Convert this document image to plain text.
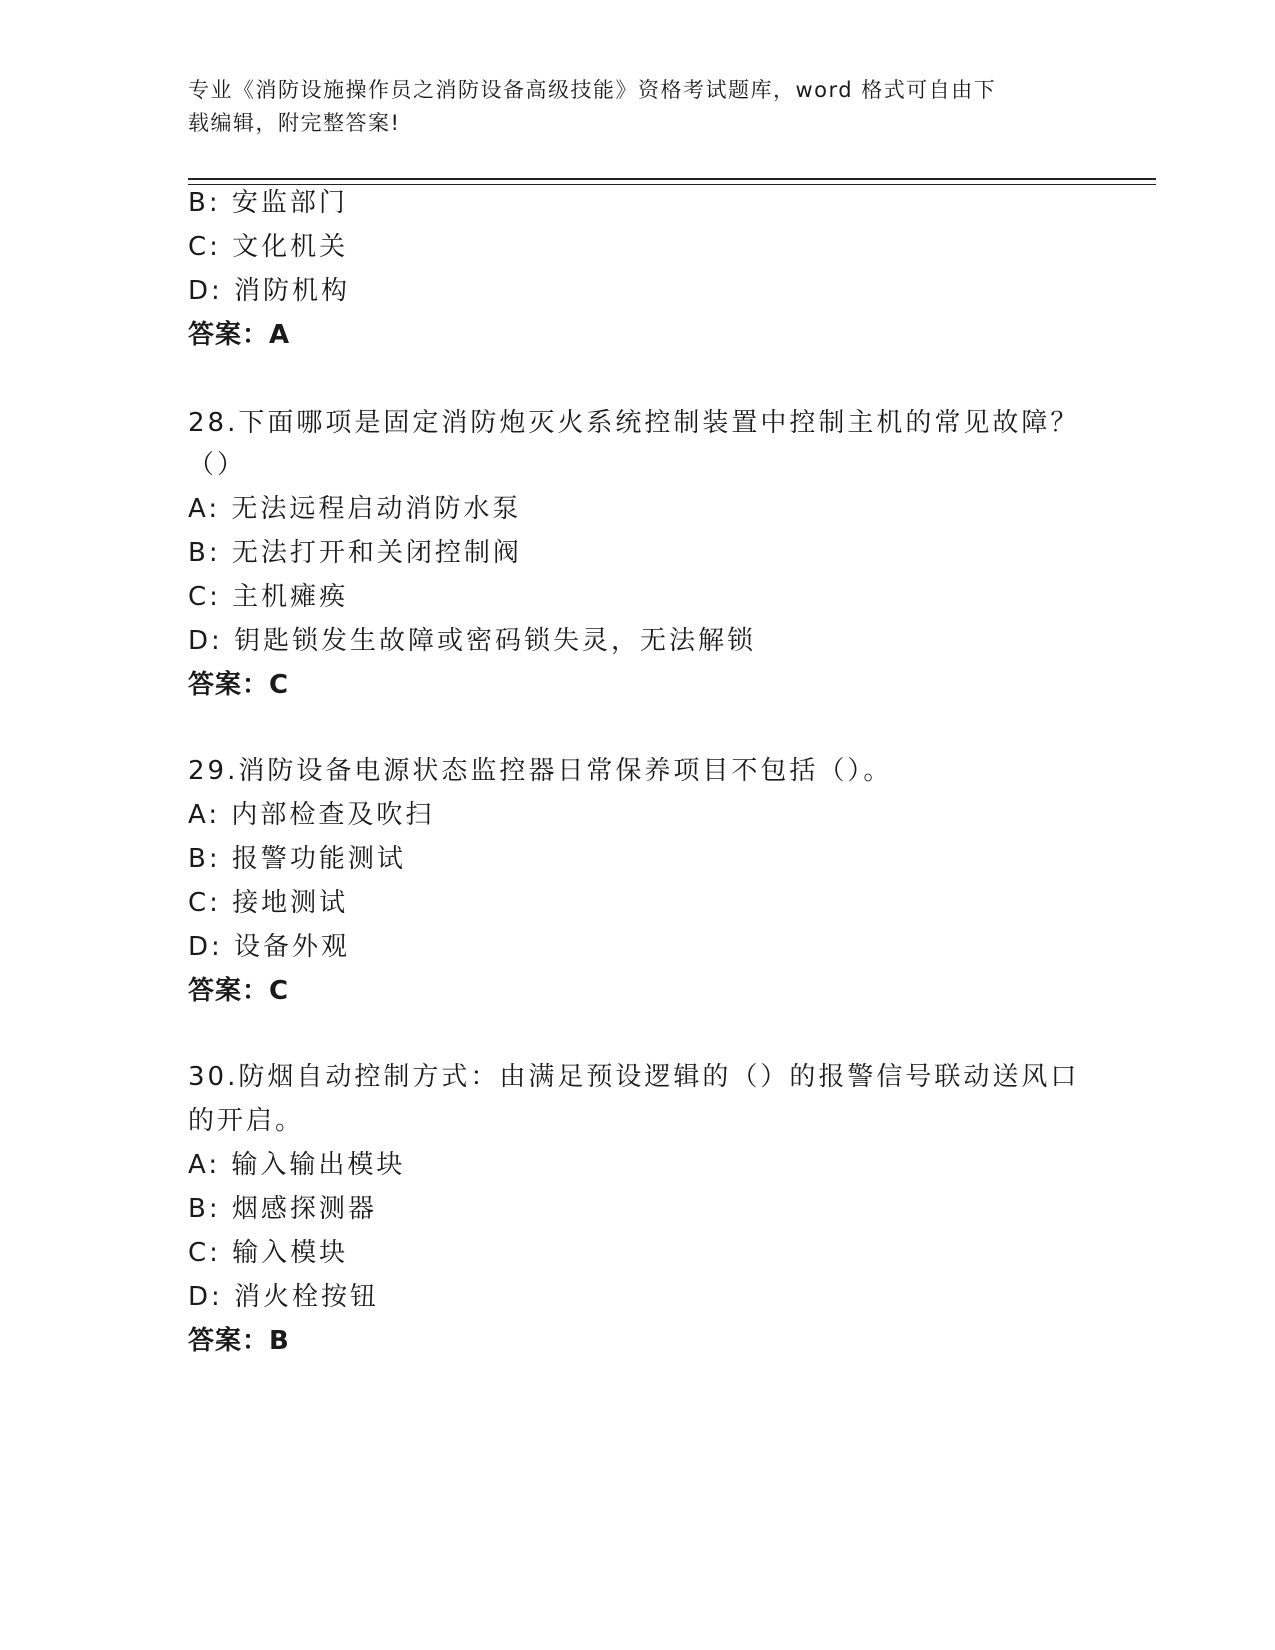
专业《消防设施操作员之消防设备高级技能》资格考试题库，word 格式可自由下
载编辑，附完整答案!
B: 安监部门
C: 文化机关
D: 消防机构
答案：A
28.下面哪项是固定消防炮灭火系统控制装置中控制主机的常见故障？
（）
A: 无法远程启动消防水泵
B: 无法打开和关闭控制阀
C: 主机瘫痪
D: 钥匙锁发生故障或密码锁失灵，无法解锁
答案：C
29.消防设备电源状态监控器日常保养项目不包括（）。
A: 内部检查及吹扫
B: 报警功能测试
C: 接地测试
D: 设备外观
答案：C
30.防烟自动控制方式：由满足预设逻辑的（）的报警信号联动送风口
的开启。
A: 输入输出模块
B: 烟感探测器
C: 输入模块
D: 消火栓按钮
答案：B
